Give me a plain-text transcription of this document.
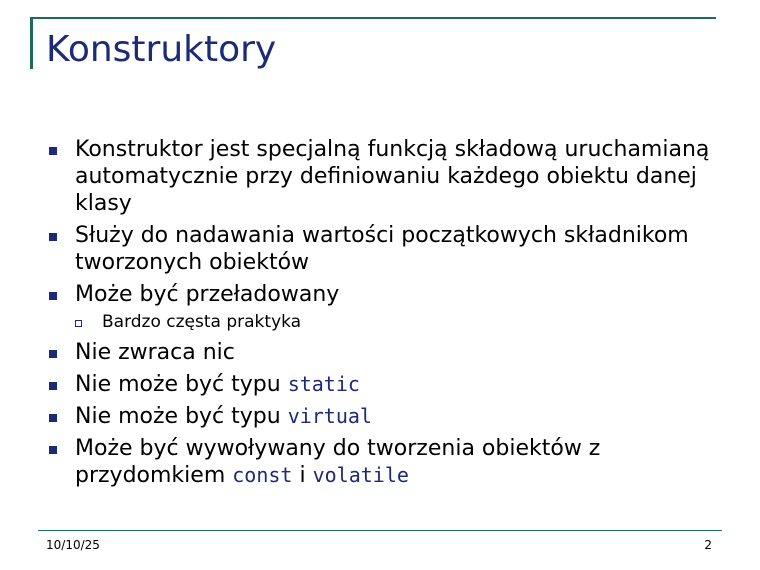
Konstruktory
Konstruktor jest specjalną funkcją składową uruchamianą automatycznie przy definiowaniu każdego obiektu danej klasy
Służy do nadawania wartości początkowych składnikom tworzonych obiektów
Może być przeładowany
Bardzo częsta praktyka
Nie zwraca nic
Nie może być typu static
Nie może być typu virtual
Może być wywoływany do tworzenia obiektów z przydomkiem const i volatile
10/10/25	2
